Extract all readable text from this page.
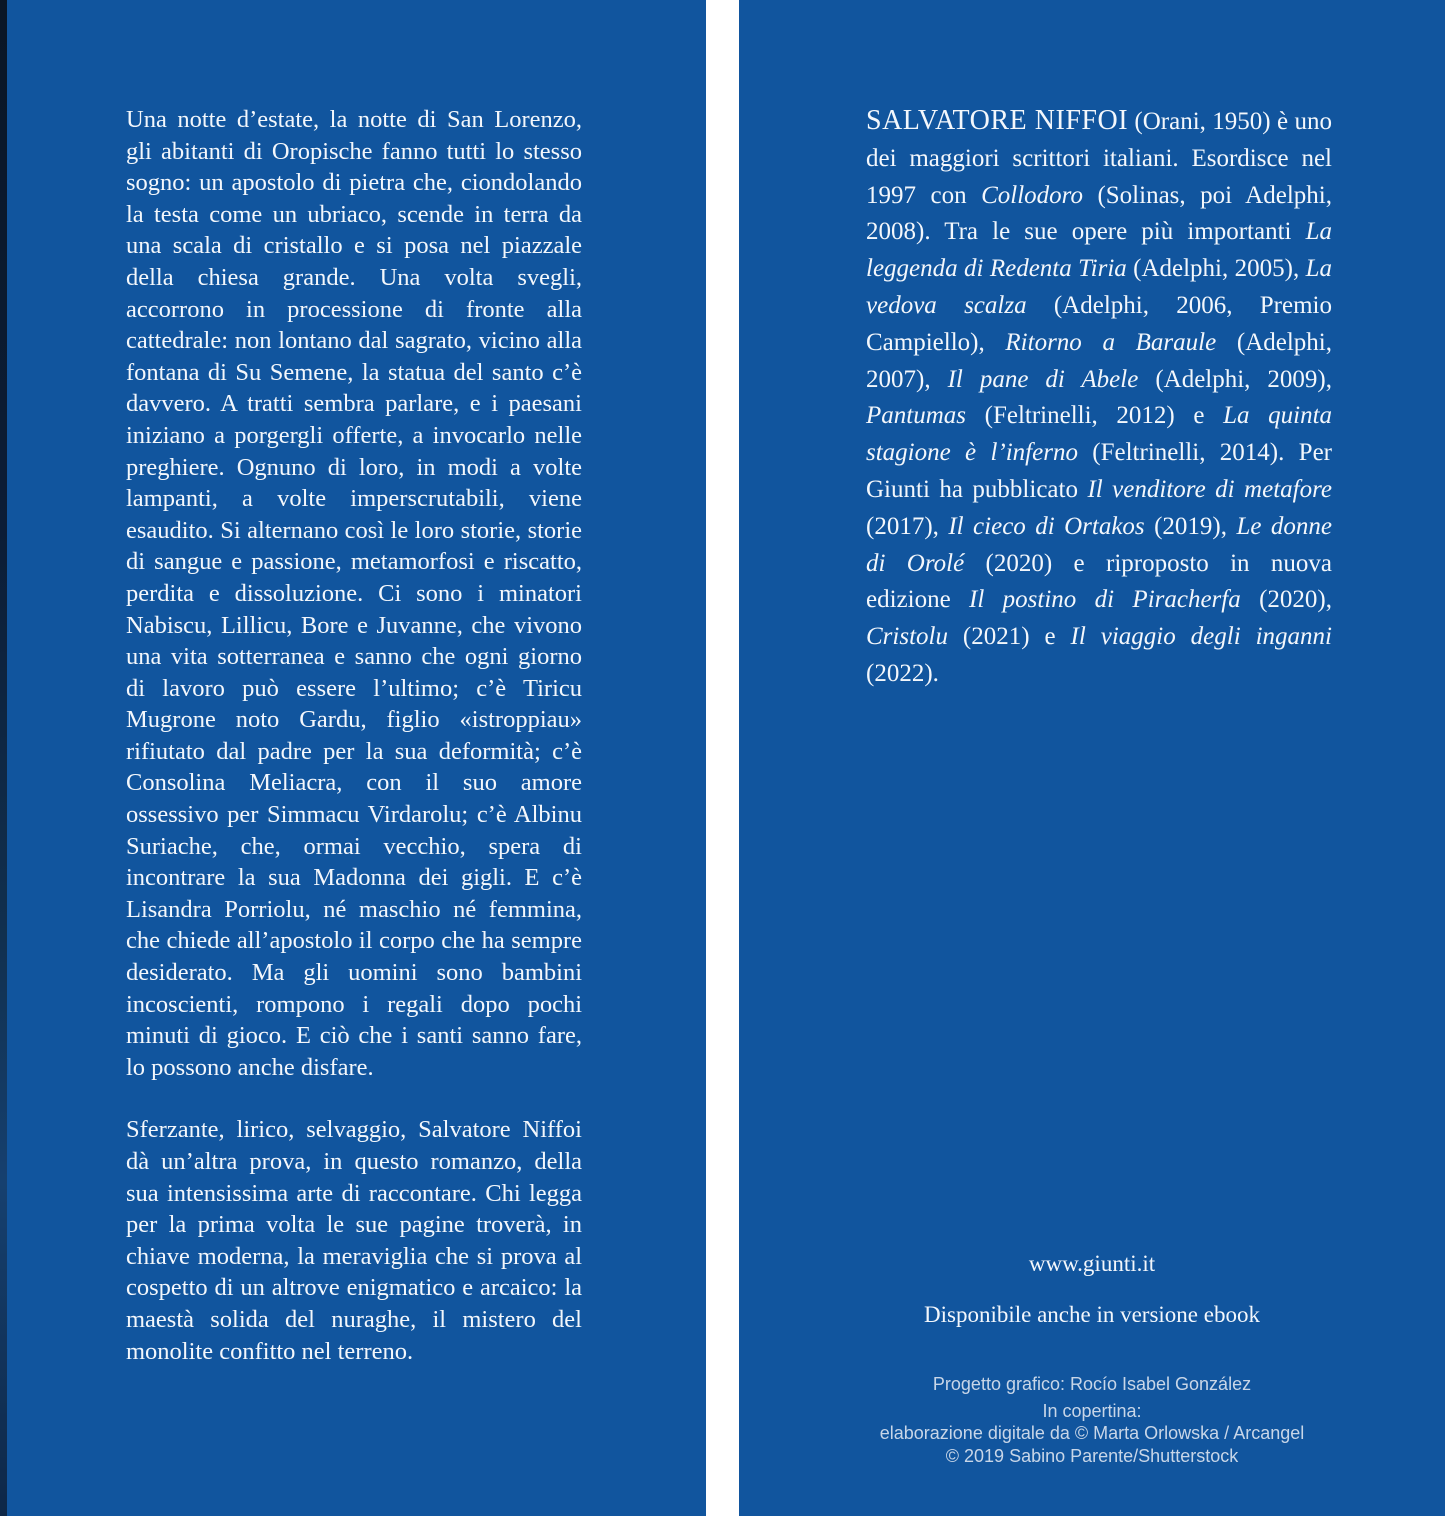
Una notte d’estate, la notte di San Lorenzo, gli abitanti di Oropische fanno tutti lo stesso sogno: un apostolo di pietra che, ciondolando la testa come un ubriaco, scende in terra da una scala di cristallo e si posa nel piazzale della chiesa grande. Una volta svegli, accorrono in processione di fronte alla cattedrale: non lontano dal sagrato, vicino alla fontana di Su Semene, la statua del santo c’è davvero. A tratti sembra parlare, e i paesani iniziano a porgergli offerte, a invocarlo nelle preghiere. Ognuno di loro, in modi a volte lampanti, a volte imperscrutabili, viene esaudito. Si alternano così le loro storie, storie di sangue e passione, metamorfosi e riscatto, perdita e dissoluzione. Ci sono i minatori Nabiscu, Lillicu, Bore e Juvanne, che vivono una vita sotterranea e sanno che ogni giorno di lavoro può essere l’ultimo; c’è Tiricu Mugrone noto Gardu, figlio «istroppiau» rifiutato dal padre per la sua deformità; c’è Consolina Meliacra, con il suo amore ossessivo per Simmacu Virdarolu; c’è Albinu Suriache, che, ormai vecchio, spera di incontrare la sua Madonna dei gigli. E c’è Lisandra Porriolu, né maschio né femmina, che chiede all’apostolo il corpo che ha sempre desiderato. Ma gli uomini sono bambini incoscienti, rompono i regali dopo pochi minuti di gioco. E ciò che i santi sanno fare, lo possono anche disfare.

Sferzante, lirico, selvaggio, Salvatore Niffoi dà un’altra prova, in questo romanzo, della sua intensissima arte di raccontare. Chi legga per la prima volta le sue pagine troverà, in chiave moderna, la meraviglia che si prova al cospetto di un altrove enigmatico e arcaico: la maestà solida del nuraghe, il mistero del monolite confitto nel terreno.

SALVATORE NIFFOI (Orani, 1950) è uno dei maggiori scrittori italiani. Esordisce nel 1997 con Collodoro (Solinas, poi Adelphi, 2008). Tra le sue opere più importanti La leggenda di Redenta Tiria (Adelphi, 2005), La vedova scalza (Adelphi, 2006, Premio Campiello), Ritorno a Baraule (Adelphi, 2007), Il pane di Abele (Adelphi, 2009), Pantumas (Feltrinelli, 2012) e La quinta stagione è l’inferno (Feltrinelli, 2014). Per Giunti ha pubblicato Il venditore di metafore (2017), Il cieco di Ortakos (2019), Le donne di Orolé (2020) e riproposto in nuova edizione Il postino di Piracherfa (2020), Cristolu (2021) e Il viaggio degli inganni (2022).
www.giunti.it
Disponibile anche in versione ebook
Progetto grafico: Rocío Isabel González
In copertina:
elaborazione digitale da © Marta Orlowska / Arcangel
© 2019 Sabino Parente/Shutterstock
